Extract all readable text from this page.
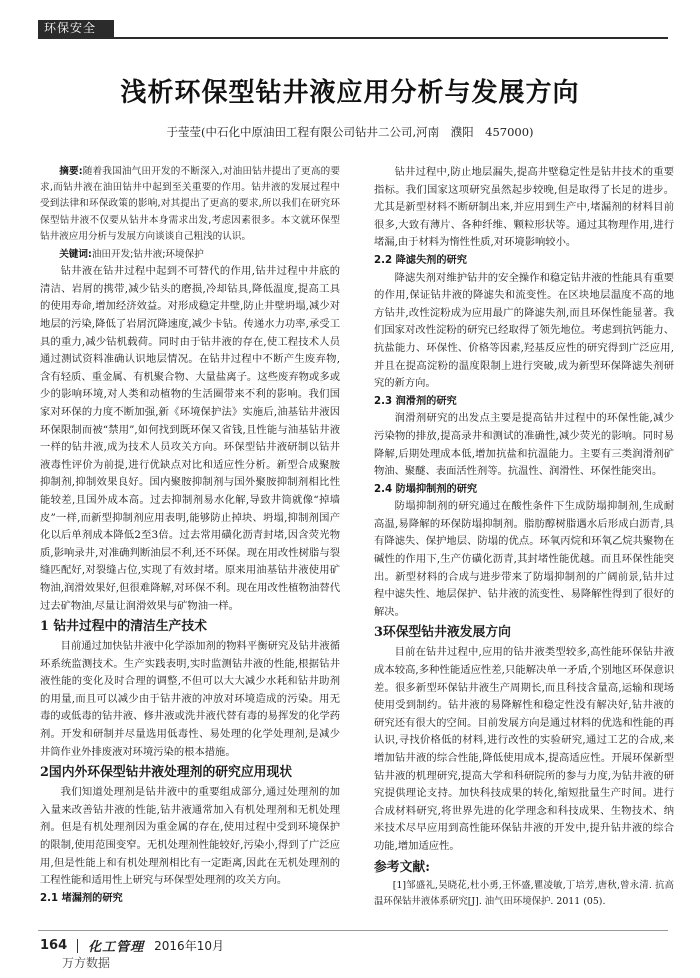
环保安全
浅析环保型钻井液应用分析与发展方向
于莹莹(中石化中原油田工程有限公司钻井二公司,河南　濮阳　457000)
摘要:随着我国油气田开发的不断深入,对油田钻井提出了更高的要求,而钻井液在油田钻井中起到至关重要的作用。钻井液的发展过程中受到法律和环保政策的影响,对其提出了更高的要求,所以我们在研究环保型钻井液不仅要从钻井本身需求出发,考虑因素很多。本文就环保型钻井液应用分析与发展方向谈谈自己粗浅的认识。
关键词:油田开发;钻井液;环境保护
钻井液在钻井过程中起到不可替代的作用,钻井过程中井底的清洁、岩屑的携带,减少钻头的磨损,冷却钻具,降低温度,提高工具的使用寿命,增加经济效益。对形成稳定井壁,防止井壁坍塌,减少对地层的污染,降低了岩屑沉降速度,减少卡钻。传递水力功率,承受工具的重力,减少钻机载荷。同时由于钻井液的存在,使工程技术人员通过测试资料准确认识地层情况。在钻井过程中不断产生废弃物,含有轻质、重金属、有机聚合物、大量盐离子。这些废弃物或多或少的影响环境,对人类和动植物的生活圈带来不利的影响。我们国家对环保的力度不断加强,新《环境保护法》实施后,油基钻井液因环保限制而被“禁用”,如何找到既环保又省钱,且性能与油基钻井液一样的钻井液,成为技术人员攻关方向。环保型钻井液研制以钻井液毒性评价为前提,进行优缺点对比和适应性分析。新型合成聚胺抑制剂,抑制效果良好。国内聚胺抑制剂与国外聚胺抑制剂相比性能较差,且国外成本高。过去抑制剂易水化解,导致井筒就像“掉墙皮”一样,而新型抑制剂应用表明,能够防止掉块、坍塌,抑制剂国产化以后单剂成本降低2至3倍。过去常用磺化沥青封堵,因含荧光物质,影响录井,对准确判断油层不利,还不环保。现在用改性树脂与裂缝匹配好,对裂缝占位,实现了有效封堵。原来用油基钻井液使用矿物油,润滑效果好,但很难降解,对环保不利。现在用改性植物油替代过去矿物油,尽量让润滑效果与矿物油一样。
1 钻井过程中的清洁生产技术
目前通过加快钻井液中化学添加剂的物料平衡研究及钻井液循环系统监测技术。生产实践表明,实时监测钻井液的性能,根据钻井液性能的变化及时合理的调整,不但可以大大减少水耗和钻井助剂的用量,而且可以减少由于钻井液的冲放对环境造成的污染。用无毒的或低毒的钻井液、修井液或洗井液代替有毒的易挥发的化学药剂。开发和研制并尽量选用低毒性、易处理的化学处理剂,是减少井筒作业外排废液对环境污染的根本措施。
2国内外环保型钻井液处理剂的研究应用现状
我们知道处理剂是钻井液中的重要组成部分,通过处理剂的加入量来改善钻井液的性能,钻井液通常加入有机处理剂和无机处理剂。但是有机处理剂因为重金属的存在,使用过程中受到环境保护的限制,使用范围变窄。无机处理剂性能较好,污染小,得到了广泛应用,但是性能上和有机处理剂相比有一定距离,因此在无机处理剂的工程性能和适用性上研究与环保型处理剂的攻关方向。
2.1 堵漏剂的研究
钻井过程中,防止地层漏失,提高井壁稳定性是钻井技术的重要指标。我们国家这项研究虽然起步较晚,但是取得了长足的进步。尤其是新型材料不断研制出来,并应用到生产中,堵漏剂的材料目前很多,大致有薄片、各种纤维、颗粒形状等。通过其物理作用,进行堵漏,由于材料为惰性性质,对环境影响较小。
2.2 降滤失剂的研究
降滤失剂对维护钻井的安全操作和稳定钻井液的性能具有重要的作用,保证钻井液的降滤失和流变性。在区块地层温度不高的地方钻井,改性淀粉成为应用最广的降滤失剂,而且环保性能显著。我们国家对改性淀粉的研究已经取得了领先地位。考虑到抗钙能力、抗盐能力、环保性、价格等因素,羟基反应性的研究得到广泛应用,并且在提高淀粉的温度限制上进行突破,成为新型环保降滤失剂研究的新方向。
2.3 润滑剂的研究
润滑剂研究的出发点主要是提高钻井过程中的环保性能,减少污染物的排放,提高录井和测试的准确性,减少荧光的影响。同时易降解,后期处理成本低,增加抗盐和抗温能力。主要有三类润滑剂矿物油、聚醚、表面活性剂等。抗温性、润滑性、环保性能突出。
2.4 防塌抑制剂的研究
防塌抑制剂的研究通过在酸性条件下生成防塌抑制剂,生成耐高温,易降解的环保防塌抑制剂。脂肪醇树脂遇水后形成白沥青,具有降滤失、保护地层、防塌的优点。环氧丙烷和环氧乙烷共聚物在碱性的作用下,生产仿磺化沥青,其封堵性能优越。而且环保性能突出。新型材料的合成与进步带来了防塌抑制剂的广阔前景,钻井过程中滤失性、地层保护、钻井液的流变性、易降解性得到了很好的解决。
3环保型钻井液发展方向
目前在钻井过程中,应用的钻井液类型较多,高性能环保钻井液成本较高,多种性能适应性差,只能解决单一矛盾,个别地区环保意识差。很多新型环保钻井液生产周期长,而且科技含量高,运输和现场使用受到制约。钻井液的易降解性和稳定性没有解决好,钻井液的研究还有很大的空间。目前发展方向是通过材料的优选和性能的再认识,寻找价格低的材料,进行改性的实验研究,通过工艺的合成,来增加钻井液的综合性能,降低使用成本,提高适应性。开展环保新型钻井液的机理研究,提高大学和科研院所的参与力度,为钻井液的研究提供理论支持。加快科技成果的转化,缩短批量生产时间。进行合成材料研究,将世界先进的化学理念和科技成果、生物技术、纳米技术尽早应用到高性能环保钻井液的开发中,提升钻井液的综合功能,增加适应性。
参考文献:
[1]邹盛礼,吴晓花,杜小勇,王怀盛,瞿凌敏,丁培芳,唐秋,曾永清. 抗高温环保钻井液体系研究[J]. 油气田环境保护. 2011 (05).
164 化工管理 2016年10月
万方数据
